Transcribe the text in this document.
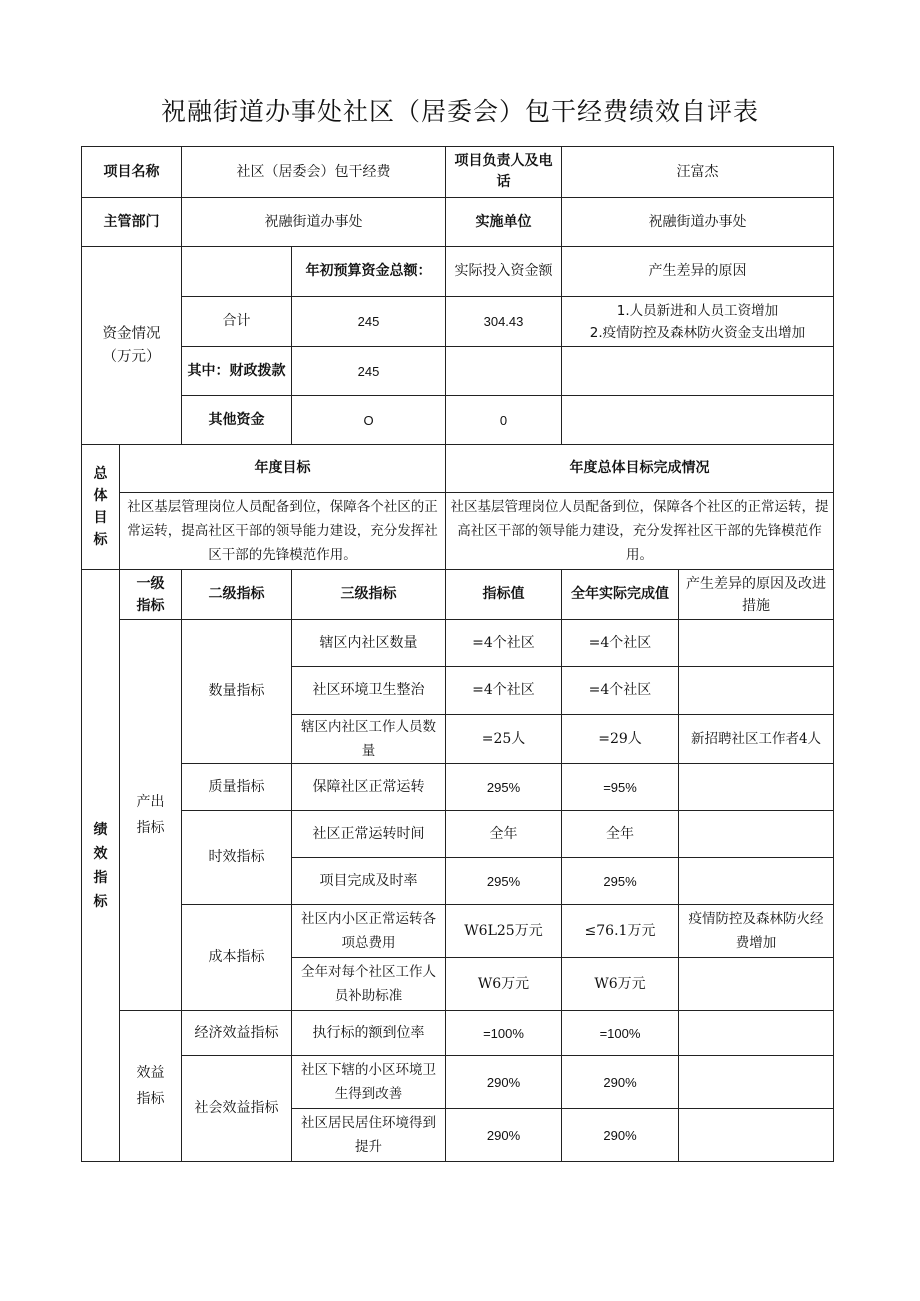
祝融街道办事处社区（居委会）包干经费绩效自评表
项目名称		社区（居委会）包干经费		项目负责人及电话	汪富杰	
主管部门		祝融街道办事处		实施单位	祝融街道办事处	
资金情况（万元）			年初预算资金总额：	实际投入资金额	产生差异的原因	
		合计	245	304.43	1.人员新进和人员工资增加
2.疫情防控及森林防火资金支出增加	

		其中：财政拨款	245			
		其他资金	O	0		
总体目标	年度目标			年度总体目标完成情况		
	社区基层管理岗位人员配备到位，保障各个社区的正常运转，提高社区干部的领导能力建设，充分发挥社区干部的先锋模范作用。			社区基层管理岗位人员配备到位，保障各个社区的正常运转，提高社区干部的领导能力建设，充分发挥社区干部的先锋模范作用。		
绩效指标	一级指标	二级指标	三级指标	指标值	全年实际完成值	产生差异的原因及改进措施
	产出指标	数量指标	辖区内社区数量	=4个社区	=4个社区	
			社区环境卫生整治	=4个社区	=4个社区	
			辖区内社区工作人员数量	=25人	=29人	新招聘社区工作者4人
		质量指标	保障社区正常运转	295%	=95%	
		时效指标	社区正常运转时间	全年	全年	
			项目完成及时率	295%	295%	
		成本指标	社区内小区正常运转各项总费用	W6L25万元	≤76.1万元	疫情防控及森林防火经费增加
			全年对每个社区工作人员补助标准	W6万元	W6万元	
	效益指标	经济效益指标	执行标的额到位率	=100%	=100%	
		社会效益指标	社区下辖的小区环境卫生得到改善	290%	290%	
			社区居民居住环境得到提升	290%	290%	
